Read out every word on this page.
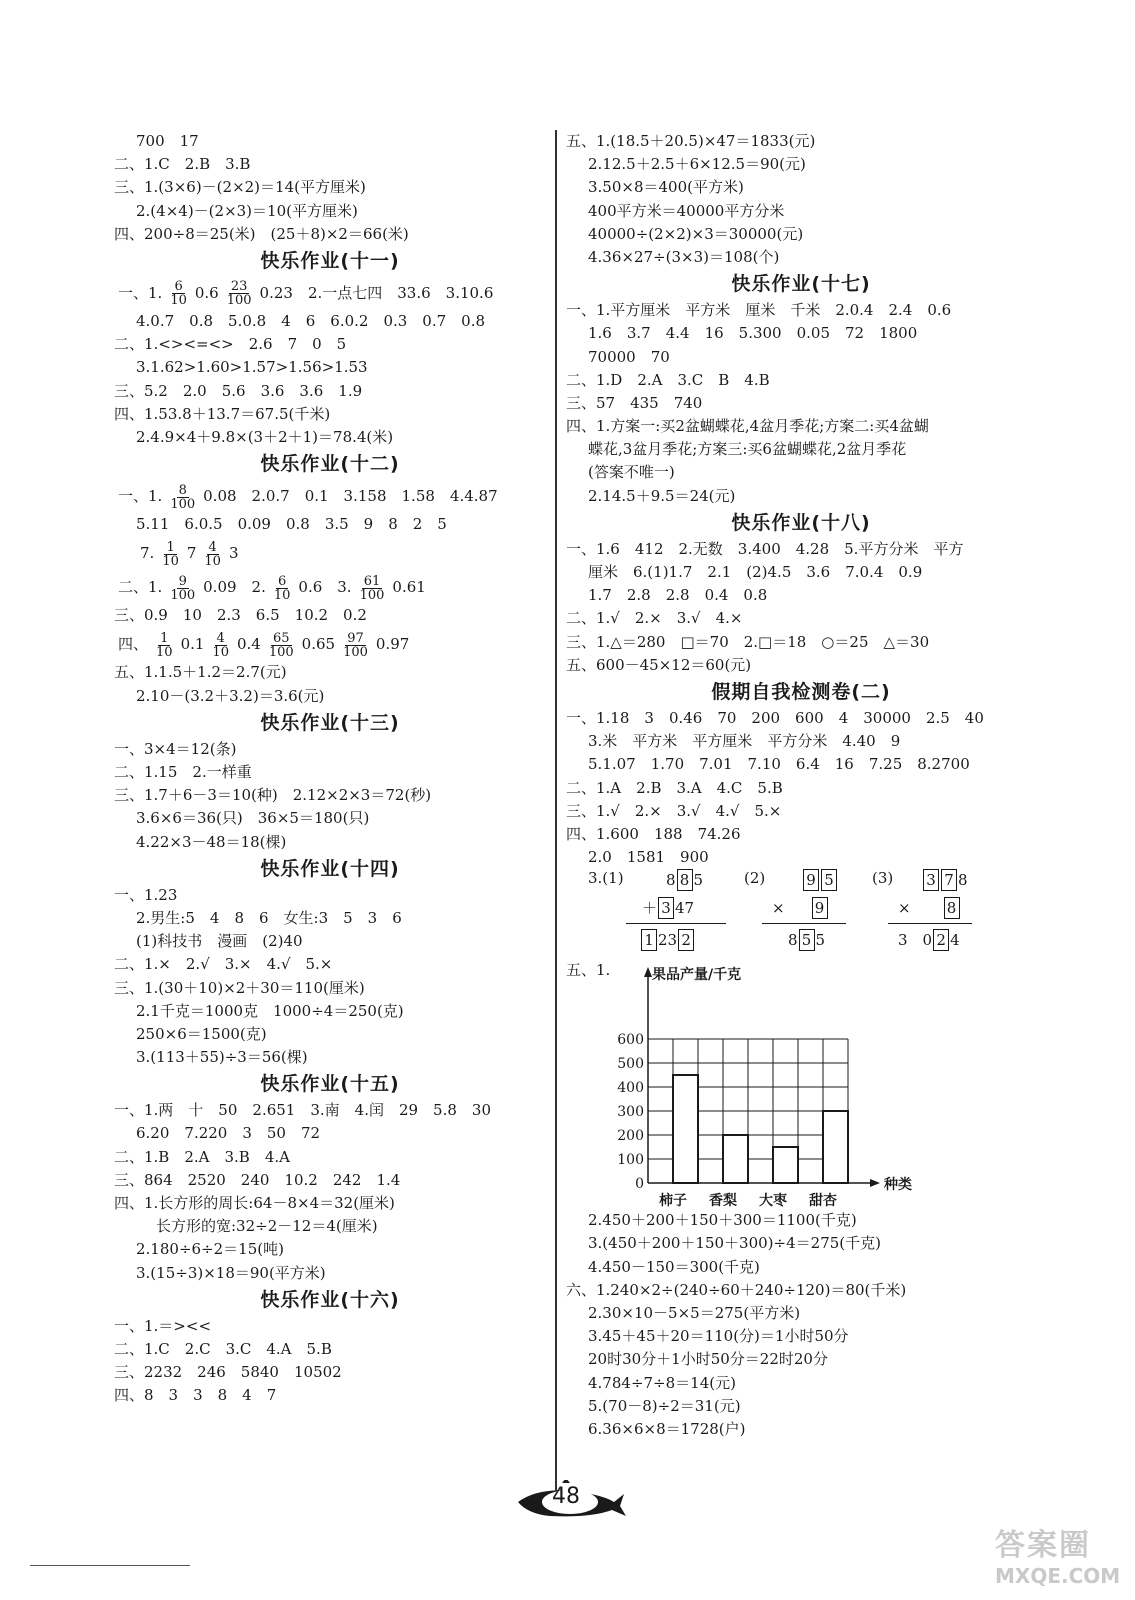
700　17
二、1.C　2.B　3.B
三、1.(3×6)－(2×2)＝14(平方厘米)
2.(4×4)－(2×3)＝10(平方厘米)
四、200÷8＝25(米)　(25＋8)×2＝66(米)
快乐作业(十一)
一、1. $\frac{6}{10} 0.6 \frac{23}{100} 0.23$　2.一点七四　33.6　3.10.6
4.0.7　0.8　5.0.8　4　6　6.0.2　0.3　0.7　0.8
二、1.<><=<>　2.6　7　0　5
3.1.62>1.60>1.57>1.56>1.53
三、5.2　2.0　5.6　3.6　3.6　1.9
四、1.53.8＋13.7＝67.5(千米)
2.4.9×4＋9.8×(3＋2＋1)＝78.4(米)
快乐作业(十二)
一、1. $\frac{8}{100} 0.08$　2.0.7　0.1　3.158　1.58　4.4.87
5.11　6.0.5　0.09　0.8　3.5　9　8　2　5
7. $\frac{1}{10} 7 \frac{4}{10} 3$
二、1. $\frac{9}{100} 0.09$　2. $\frac{6}{10} 0.6$　3. $\frac{61}{100} 0.61$
三、0.9　10　2.3　6.5　10.2　0.2
四、 $\frac{1}{10} 0.1 \frac{4}{10} 0.4 \frac{65}{100} 0.65 \frac{97}{100} 0.97$
五、1.1.5＋1.2＝2.7(元)
2.10－(3.2＋3.2)＝3.6(元)
快乐作业(十三)
一、3×4＝12(条)
二、1.15　2.一样重
三、1.7＋6－3＝10(种)　2.12×2×3＝72(秒)
3.6×6＝36(只)　36×5＝180(只)
4.22×3－48＝18(棵)
快乐作业(十四)
一、1.23
2.男生:5　4　8　6　女生:3　5　3　6
(1)科技书　漫画　(2)40
二、1.×　2.√　3.×　4.√　5.×
三、1.(30＋10)×2＋30＝110(厘米)
2.1千克＝1000克　1000÷4＝250(克)
250×6＝1500(克)
3.(113＋55)÷3＝56(棵)
快乐作业(十五)
一、1.两　十　50　2.651　3.南　4.闰　29　5.8　30
6.20　7.220　3　50　72
二、1.B　2.A　3.B　4.A
三、864　2520　240　10.2　242　1.4
四、1.长方形的周长:64－8×4＝32(厘米)
长方形的宽:32÷2－12＝4(厘米)
2.180÷6÷2＝15(吨)
3.(15÷3)×18＝90(平方米)
快乐作业(十六)
一、1.＝><<
二、1.C　2.C　3.C　4.A　5.B
三、2232　246　5840　10502
四、8　3　3　8　4　7
五、1.(18.5＋20.5)×47＝1833(元)
2.12.5＋2.5＋6×12.5＝90(元)
3.50×8＝400(平方米)
400平方米＝40000平方分米
40000÷(2×2)×3＝30000(元)
4.36×27÷(3×3)＝108(个)
快乐作业(十七)
一、1.平方厘米　平方米　厘米　千米　2.0.4　2.4　0.6
1.6　3.7　4.4　16　5.300　0.05　72　1800
70000　70
二、1.D　2.A　3.C　B　4.B
三、57　435　740
四、1.方案一:买2盆蝴蝶花,4盆月季花;方案二:买4盆蝴
蝶花,3盆月季花;方案三:买6盆蝴蝶花,2盆月季花
(答案不唯一)
2.14.5＋9.5＝24(元)
快乐作业(十八)
一、1.6　412　2.无数　3.400　4.28　5.平方分米　平方
厘米　6.(1)1.7　2.1　(2)4.5　3.6　7.0.4　0.9
1.7　2.8　2.8　0.4　0.8
二、1.√　2.×　3.√　4.×
三、1.△＝280　□＝70　2.□＝18　○＝25　△＝30
五、600－45×12＝60(元)
假期自我检测卷(二)
一、1.18　3　0.46　70　200　600　4　30000　2.5　40
3.米　平方米　平方厘米　平方分米　4.40　9
5.1.07　1.70　7.01　7.10　6.4　16　7.25　8.2700
二、1.A　2.B　3.A　4.C　5.B
三、1.√　2.×　3.√　4.√　5.×
四、1.600　188　74.26
2.0　1581　900
3.(1)	8 8 5
＋ 3 47
1 23 2
(2)	9 5
× 9
8 5 5
(3) 3 7 8
× 8
3　0 2 4
五、1.
0
100
200
300
400
500
600
果品产量/千克
种类
柿子 香梨 大枣 甜杏
2.450＋200＋150＋300＝1100(千克)
3.(450＋200＋150＋300)÷4＝275(千克)
4.450－150＝300(千克)
六、1.240×2÷(240÷60＋240÷120)＝80(千米)
2.30×10－5×5＝275(平方米)
3.45＋45＋20＝110(分)＝1小时50分
20时30分＋1小时50分＝22时20分
4.784÷7÷8＝14(元)
5.(70－8)÷2＝31(元)
6.36×6×8＝1728(户)
48
答案圈
MXQE.COM
